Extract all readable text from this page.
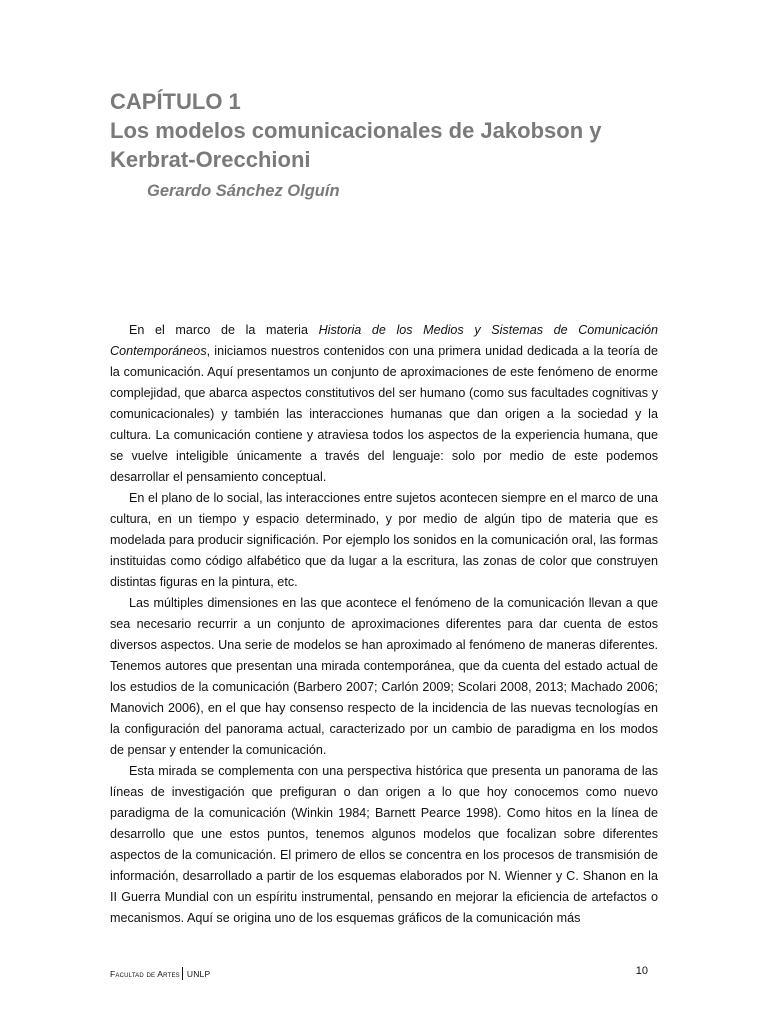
CAPÍTULO 1
Los modelos comunicacionales de Jakobson y Kerbrat-Orecchioni
Gerardo Sánchez Olguín

En el marco de la materia Historia de los Medios y Sistemas de Comunicación Contemporáneos, iniciamos nuestros contenidos con una primera unidad dedicada a la teoría de la comunicación. Aquí presentamos un conjunto de aproximaciones de este fenómeno de enorme complejidad, que abarca aspectos constitutivos del ser humano (como sus facultades cognitivas y comunicacionales) y también las interacciones humanas que dan origen a la sociedad y la cultura. La comunicación contiene y atraviesa todos los aspectos de la experiencia humana, que se vuelve inteligible únicamente a través del lenguaje: solo por medio de este podemos desarrollar el pensamiento conceptual.

En el plano de lo social, las interacciones entre sujetos acontecen siempre en el marco de una cultura, en un tiempo y espacio determinado, y por medio de algún tipo de materia que es modelada para producir significación. Por ejemplo los sonidos en la comunicación oral, las formas instituidas como código alfabético que da lugar a la escritura, las zonas de color que construyen distintas figuras en la pintura, etc.

Las múltiples dimensiones en las que acontece el fenómeno de la comunicación llevan a que sea necesario recurrir a un conjunto de aproximaciones diferentes para dar cuenta de estos diversos aspectos. Una serie de modelos se han aproximado al fenómeno de maneras diferentes. Tenemos autores que presentan una mirada contemporánea, que da cuenta del estado actual de los estudios de la comunicación (Barbero 2007; Carlón 2009; Scolari 2008, 2013; Machado 2006; Manovich 2006), en el que hay consenso respecto de la incidencia de las nuevas tecnologías en la configuración del panorama actual, caracterizado por un cambio de paradigma en los modos de pensar y entender la comunicación.

Esta mirada se complementa con una perspectiva histórica que presenta un panorama de las líneas de investigación que prefiguran o dan origen a lo que hoy conocemos como nuevo paradigma de la comunicación (Winkin 1984; Barnett Pearce 1998). Como hitos en la línea de desarrollo que une estos puntos, tenemos algunos modelos que focalizan sobre diferentes aspectos de la comunicación. El primero de ellos se concentra en los procesos de transmisión de información, desarrollado a partir de los esquemas elaborados por N. Wienner y C. Shanon en la II Guerra Mundial con un espíritu instrumental, pensando en mejorar la eficiencia de artefactos o mecanismos. Aquí se origina uno de los esquemas gráficos de la comunicación más

Facultad de Artes UNLP	10
